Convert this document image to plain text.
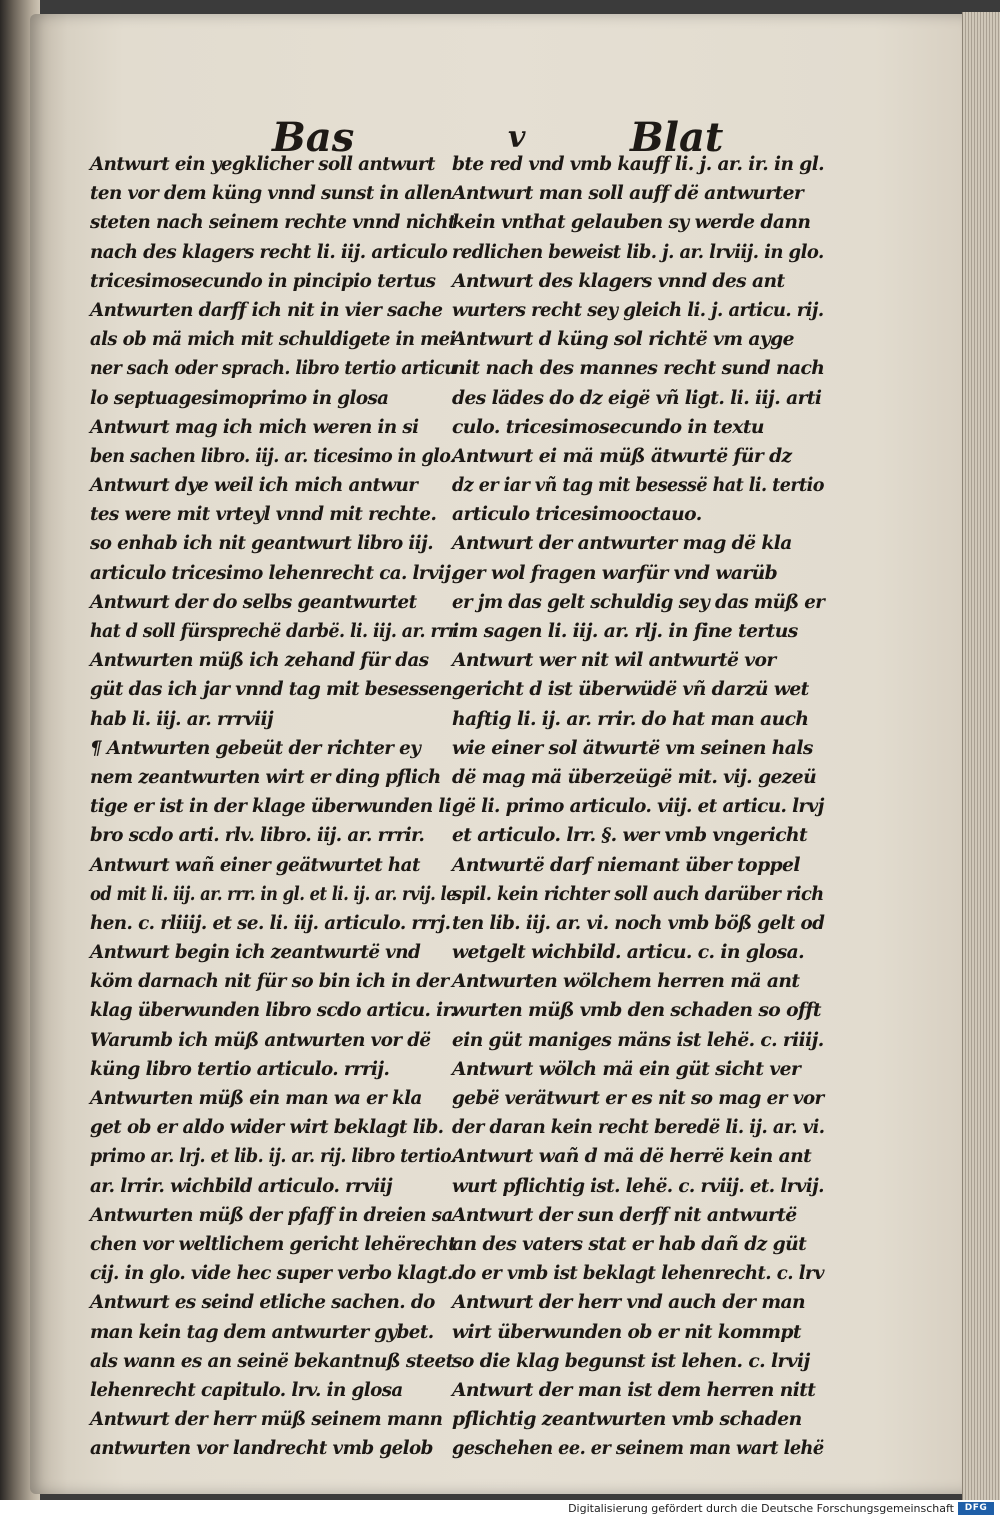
Bas	v	Blat
Antwurt ein yegklicher soll antwurt
ten vor dem küng vnnd sunst in allen
steten nach seinem rechte vnnd nicht
nach des klagers recht li. iij. articulo
tricesimosecundo in pincipio tertus
Antwurten darff ich nit in vier sache
als ob mä mich mit schuldigete in mei
ner sach oder sprach. libro tertio articu
lo septuagesimoprimo in glosa
Antwurt mag ich mich weren in si
ben sachen libro. iij. ar. ticesimo in glo.
Antwurt dye weil ich mich antwur
tes were mit vrteyl vnnd mit rechte.
so enhab ich nit geantwurt libro iij.
articulo tricesimo lehenrecht ca. lrvij.
Antwurt der do selbs geantwurtet
hat d soll fürsprechë darbë. li. iij. ar. rrr
Antwurten müß ich zehand für das
güt das ich jar vnnd tag mit besessen
hab li. iij. ar. rrrviij
¶ Antwurten gebeüt der richter ey
nem zeantwurten wirt er ding pflich
tige er ist in der klage überwunden li
bro scdo arti. rlv. libro. iij. ar. rrrir.
Antwurt wañ einer geätwurtet hat
od mit li. iij. ar. rrr. in gl. et li. ij. ar. rvij. le
hen. c. rliiij. et se. li. iij. articulo. rrrj.
Antwurt begin ich zeantwurtë vnd
köm darnach nit für so bin ich in der
klag überwunden libro scdo articu. ir.
Warumb ich müß antwurten vor dë
küng libro tertio articulo. rrrij.
Antwurten müß ein man wa er kla
get ob er aldo wider wirt beklagt lib.
primo ar. lrj. et lib. ij. ar. rij. libro tertio.
ar. lrrir. wichbild articulo. rrviij
Antwurten müß der pfaff in dreien sa
chen vor weltlichem gericht lehërecht
cij. in glo. vide hec super verbo klagt.
Antwurt es seind etliche sachen. do
man kein tag dem antwurter gybet.
als wann es an seinë bekantnuß steet
lehenrecht capitulo. lrv. in glosa
Antwurt der herr müß seinem mann
antwurten vor landrecht vmb gelob
bte red vnd vmb kauff li. j. ar. ir. in gl.
Antwurt man soll auff dë antwurter
kein vnthat gelauben sy werde dann
redlichen beweist lib. j. ar. lrviij. in glo.
Antwurt des klagers vnnd des ant
wurters recht sey gleich li. j. articu. rij.
Antwurt d küng sol richtë vm ayge
nit nach des mannes recht sund nach
des lädes do dz eigë vñ ligt. li. iij. arti
culo. tricesimosecundo in textu
Antwurt ei mä müß ätwurtë für dz
dz er iar vñ tag mit besessë hat li. tertio
articulo tricesimooctauo.
Antwurt der antwurter mag dë kla
ger wol fragen warfür vnd warüb
er jm das gelt schuldig sey das müß er
im sagen li. iij. ar. rlj. in fine tertus
Antwurt wer nit wil antwurtë vor
gericht d ist überwüdë vñ darzü wet
haftig li. ij. ar. rrir. do hat man auch
wie einer sol ätwurtë vm seinen hals
dë mag mä überzeügë mit. vij. gezeü
gë li. primo articulo. viij. et articu. lrvj
et articulo. lrr. §. wer vmb vngericht
Antwurtë darf niemant über toppel
spil. kein richter soll auch darüber rich
ten lib. iij. ar. vi. noch vmb böß gelt od
wetgelt wichbild. articu. c. in glosa.
Antwurten wölchem herren mä ant
wurten müß vmb den schaden so offt
ein güt maniges mäns ist lehë. c. riiij.
Antwurt wölch mä ein güt sicht ver
gebë verätwurt er es nit so mag er vor
der daran kein recht beredë li. ij. ar. vi.
Antwurt wañ d mä dë herrë kein ant
wurt pflichtig ist. lehë. c. rviij. et. lrvij.
Antwurt der sun derff nit antwurtë
an des vaters stat er hab dañ dz güt
do er vmb ist beklagt lehenrecht. c. lrv
Antwurt der herr vnd auch der man
wirt überwunden ob er nit kommpt
so die klag begunst ist lehen. c. lrvij
Antwurt der man ist dem herren nitt
pflichtig zeantwurten vmb schaden
geschehen ee. er seinem man wart lehë
Digitalisierung gefördert durch die Deutsche Forschungsgemeinschaft	DFG
